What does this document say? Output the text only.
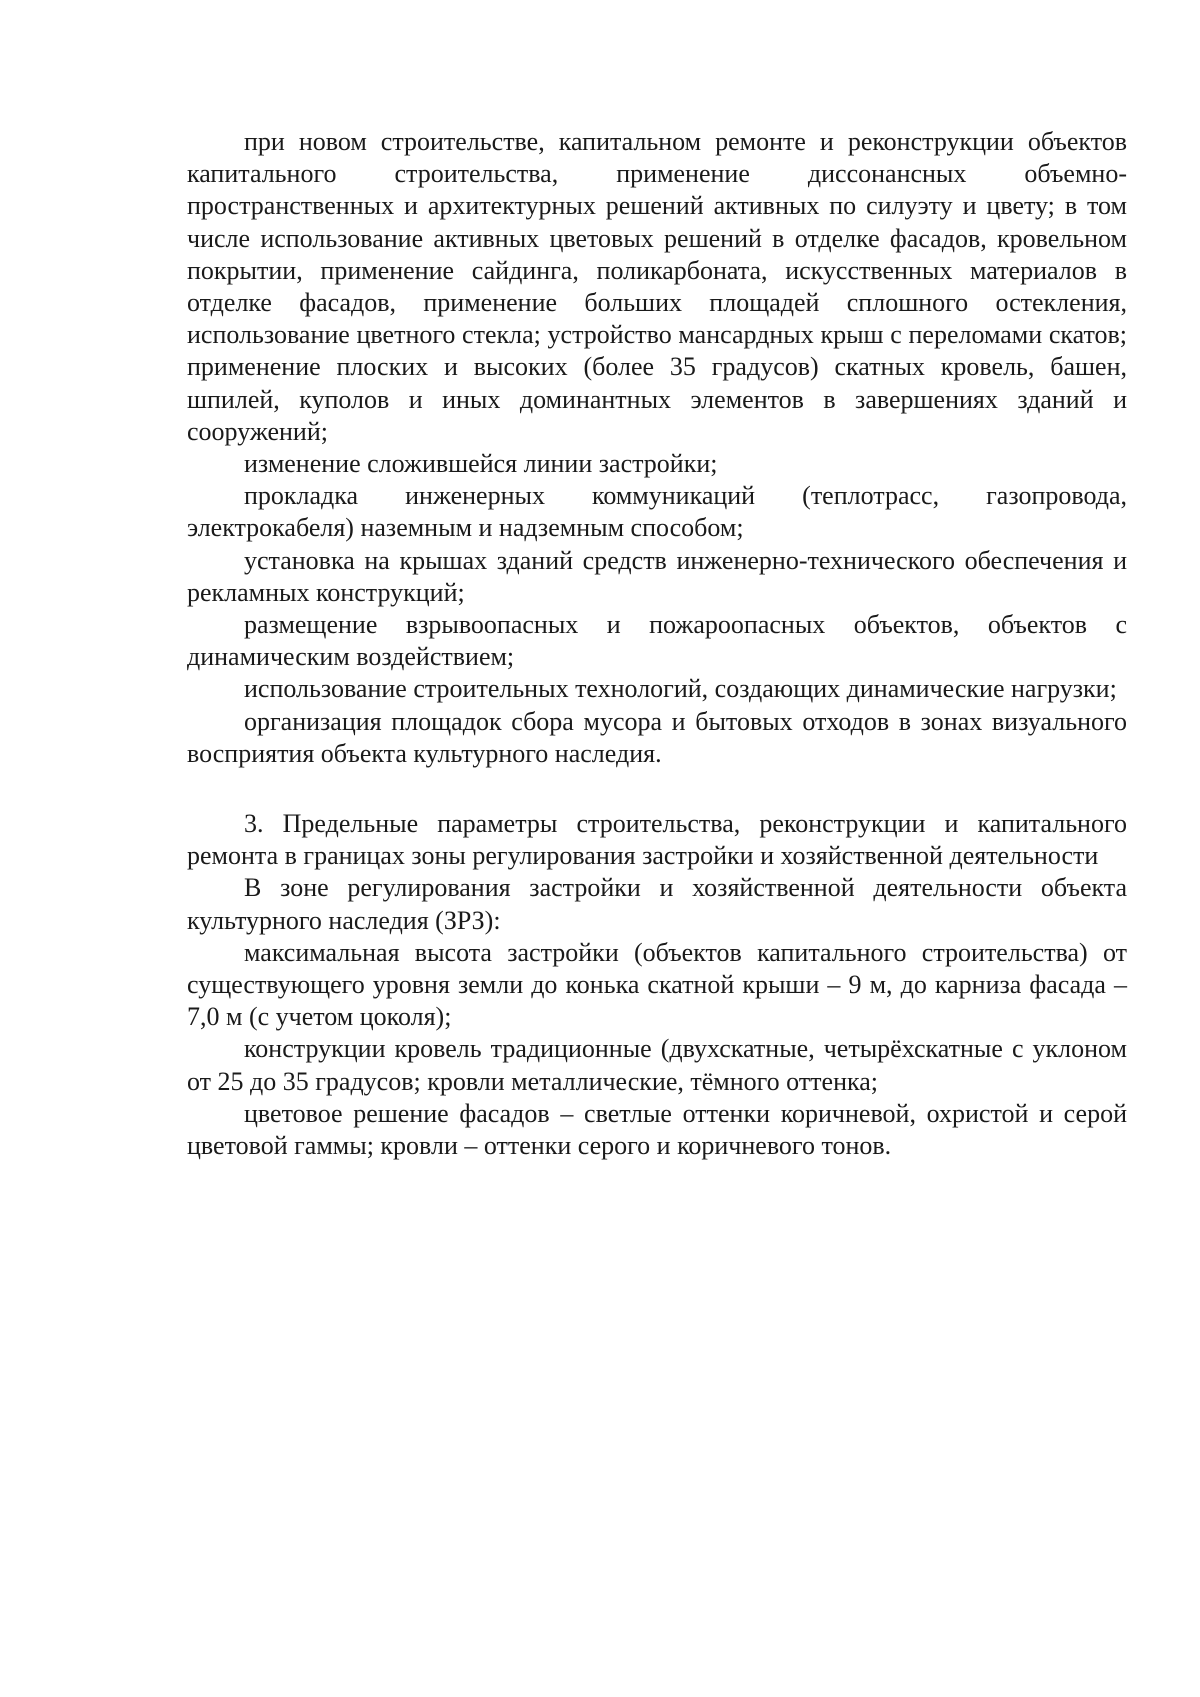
при новом строительстве, капитальном ремонте и реконструкции объектов капитального строительства, применение диссонансных объемно-пространственных и архитектурных решений активных по силуэту и цвету; в том числе использование активных цветовых решений в отделке фасадов, кровельном покрытии, применение сайдинга, поликарбоната, искусственных материалов в отделке фасадов, применение больших площадей сплошного остекления, использование цветного стекла; устройство мансардных крыш с переломами скатов; применение плоских и высоких (более 35 градусов) скатных кровель, башен, шпилей, куполов и иных доминантных элементов в завершениях зданий и сооружений;

изменение сложившейся линии застройки;

прокладка инженерных коммуникаций (теплотрасс, газопровода, электрокабеля) наземным и надземным способом;

установка на крышах зданий средств инженерно-технического обеспечения и рекламных конструкций;

размещение взрывоопасных и пожароопасных объектов, объектов с динамическим воздействием;

использование строительных технологий, создающих динамические нагрузки;

организация площадок сбора мусора и бытовых отходов в зонах визуального восприятия объекта культурного наследия.

3. Предельные параметры строительства, реконструкции и капитального ремонта в границах зоны регулирования застройки и хозяйственной деятельности

В зоне регулирования застройки и хозяйственной деятельности объекта культурного наследия (ЗРЗ):

максимальная высота застройки (объектов капитального строительства) от существующего уровня земли до конька скатной крыши – 9 м, до карниза фасада – 7,0 м (с учетом цоколя);

конструкции кровель традиционные (двухскатные, четырёхскатные с уклоном от 25 до 35 градусов; кровли металлические, тёмного оттенка;

цветовое решение фасадов – светлые оттенки коричневой, охристой и серой цветовой гаммы; кровли – оттенки серого и коричневого тонов.
